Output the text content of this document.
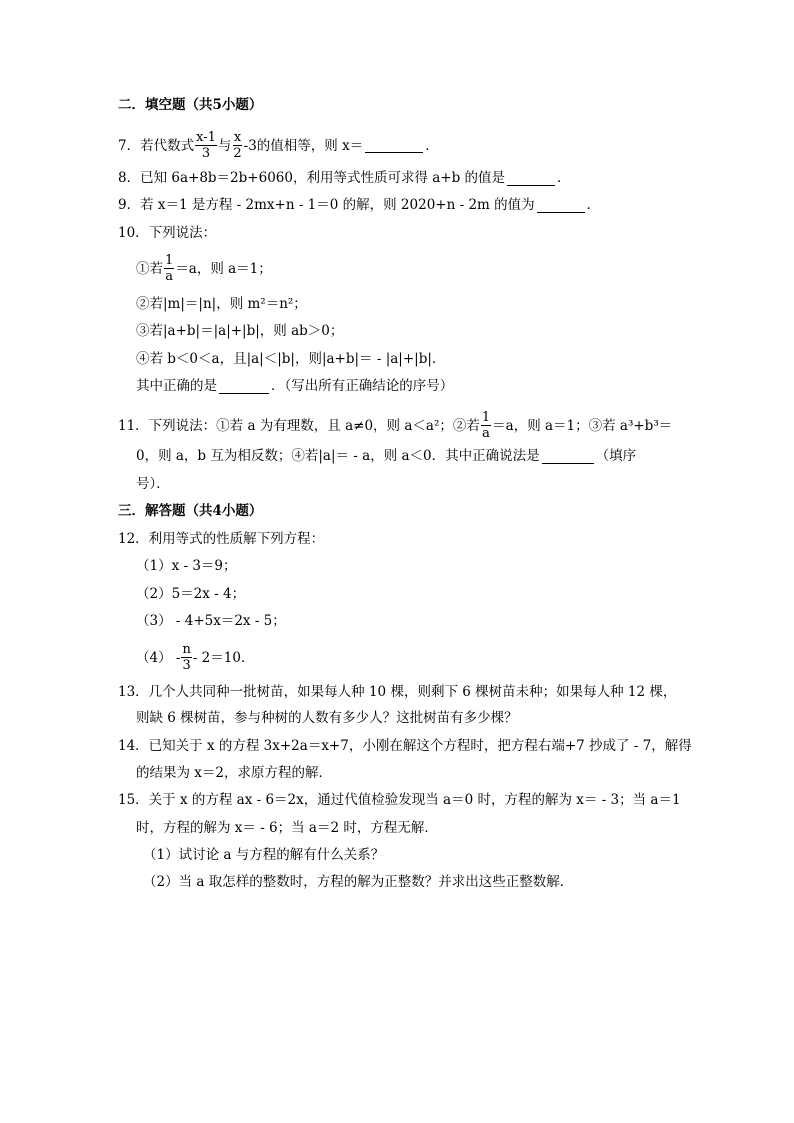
二．填空题（共5小题）
7． 若代数式 $\frac{x-1}{3}$ 与 $\frac{x}{2} -3$的值相等，则 x＝	．
8．已知 6a+8b＝2b+6060，利用等式性质可求得 a+b 的值是	．
9．若 x＝1 是方程 - 2mx+n - 1＝0 的解，则 2020+n - 2m 的值为	．
10．下列说法：
①若 $\frac{1}{a} =a$，则 a＝1；
②若|m|＝|n|，则 m²＝n²；
③若|a+b|＝|a|+|b|，则 ab＞0；
④若 b＜0＜a，且|a|＜|b|，则|a+b|＝ - |a|+|b|．
其中正确的是	．（写出所有正确结论的序号）
11．下列说法：①若 a 为有理数，且 a≠0，则 a＜a²；②若 $\frac{1}{a} =a$，则 a＝1；③若 a³+b³＝
0，则 a，b 互为相反数；④若|a|＝ - a，则 a＜0．其中正确说法是	（填序
号）．
三．解答题（共4小题）
12．利用等式的性质解下列方程：
（1）x - 3＝9；
（2）5＝2x - 4；
（3） - 4+5x＝2x - 5；
$(4) - \frac{n}{3} - 2=10$．
13．几个人共同种一批树苗，如果每人种 10 棵，则剩下 6 棵树苗未种；如果每人种 12 棵，
则缺 6 棵树苗，参与种树的人数有多少人？这批树苗有多少棵？
14．已知关于 x 的方程 3x+2a＝x+7，小刚在解这个方程时，把方程右端+7 抄成了 - 7，解得
的结果为 x＝2，求原方程的解．
15．关于 x 的方程 ax - 6＝2x，通过代值检验发现当 a＝0 时，方程的解为 x＝ - 3；当 a＝1
时，方程的解为 x＝ - 6；当 a＝2 时，方程无解．
（1）试讨论 a 与方程的解有什么关系？
（2）当 a 取怎样的整数时，方程的解为正整数？并求出这些正整数解．
